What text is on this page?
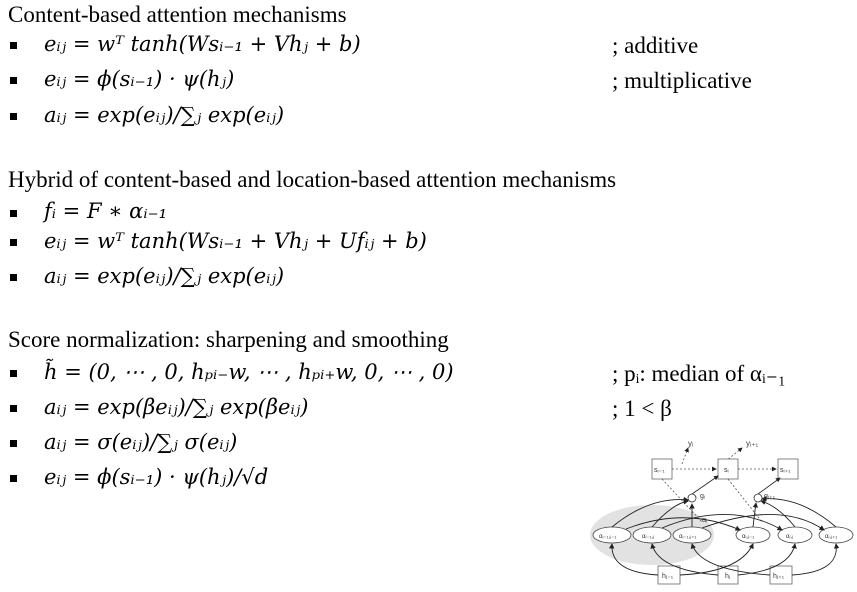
Content-based attention mechanisms
eᵢⱼ = wᵀ tanh(Wsᵢ₋₁ + Vhⱼ + b)	; additive
eᵢⱼ = ϕ(sᵢ₋₁) · ψ(hⱼ)	; multiplicative
aᵢⱼ = exp(eᵢⱼ)/∑ⱼ exp(eᵢⱼ)
Hybrid of content-based and location-based attention mechanisms
fᵢ = F ∗ αᵢ₋₁
eᵢⱼ = wᵀ tanh(Wsᵢ₋₁ + Vhⱼ + Ufᵢⱼ + b)
aᵢⱼ = exp(eᵢⱼ)/∑ⱼ exp(eᵢⱼ)
Score normalization: sharpening and smoothing
h̃ = (0, ⋯ , 0, hₚᵢ₋w, ⋯ , hₚᵢ₊w, 0, ⋯ , 0)	; pᵢ: median of αᵢ₋₁
aᵢⱼ = exp(βeᵢⱼ)/∑ⱼ exp(βeᵢⱼ)	; 1 < β
aᵢⱼ = σ(eᵢⱼ)/∑ⱼ σ(eᵢⱼ)
eᵢⱼ = ϕ(sᵢ₋₁) · ψ(hⱼ)/√d
yᵢ	yᵢ₊₁
sᵢ₋₁	sᵢ	sᵢ₊₁
gᵢ	gᵢ₊₁
αᵢ
αᵢ₋₁,ⱼ₋₁	αᵢ₋₁,ⱼ	αᵢ₋₁,ⱼ₊₁	αᵢ,ⱼ₋₁	αᵢ,ⱼ	αᵢ,ⱼ₊₁
hⱼ₋₁	hⱼ	hⱼ₊₁
